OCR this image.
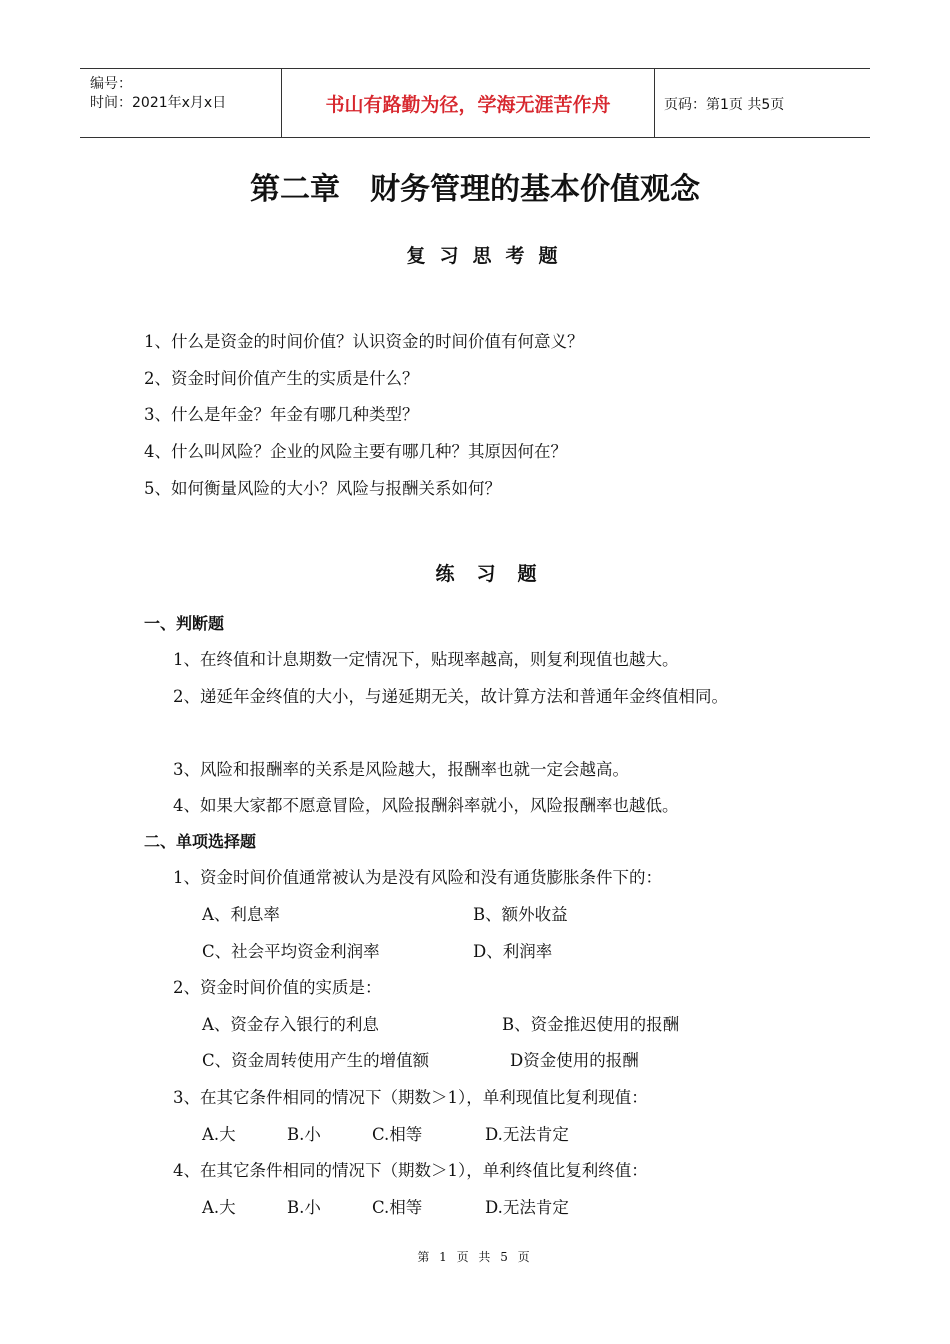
编号：
时间：2021年x月x日	书山有路勤为径，学海无涯苦作舟	页码：第1页 共5页
第二章　财务管理的基本价值观念
复习思考题
1、什么是资金的时间价值？认识资金的时间价值有何意义？
2、资金时间价值产生的实质是什么？
3、什么是年金？年金有哪几种类型？
4、什么叫风险？企业的风险主要有哪几种？其原因何在？
5、如何衡量风险的大小？风险与报酬关系如何？
练习题
一、判断题
1、在终值和计息期数一定情况下，贴现率越高，则复利现值也越大。
2、递延年金终值的大小，与递延期无关，故计算方法和普通年金终值相同。
3、风险和报酬率的关系是风险越大，报酬率也就一定会越高。
4、如果大家都不愿意冒险，风险报酬斜率就小，风险报酬率也越低。
二、单项选择题
1、资金时间价值通常被认为是没有风险和没有通货膨胀条件下的：
A、利息率	B、额外收益
C、社会平均资金利润率	D、利润率
2、资金时间价值的实质是：
A、资金存入银行的利息	B、资金推迟使用的报酬
C、资金周转使用产生的增值额	D资金使用的报酬
3、在其它条件相同的情况下（期数＞1），单利现值比复利现值：
A.大	B.小	C.相等	D.无法肯定
4、在其它条件相同的情况下（期数＞1），单利终值比复利终值：
A.大	B.小	C.相等	D.无法肯定
第 1 页 共 5 页
